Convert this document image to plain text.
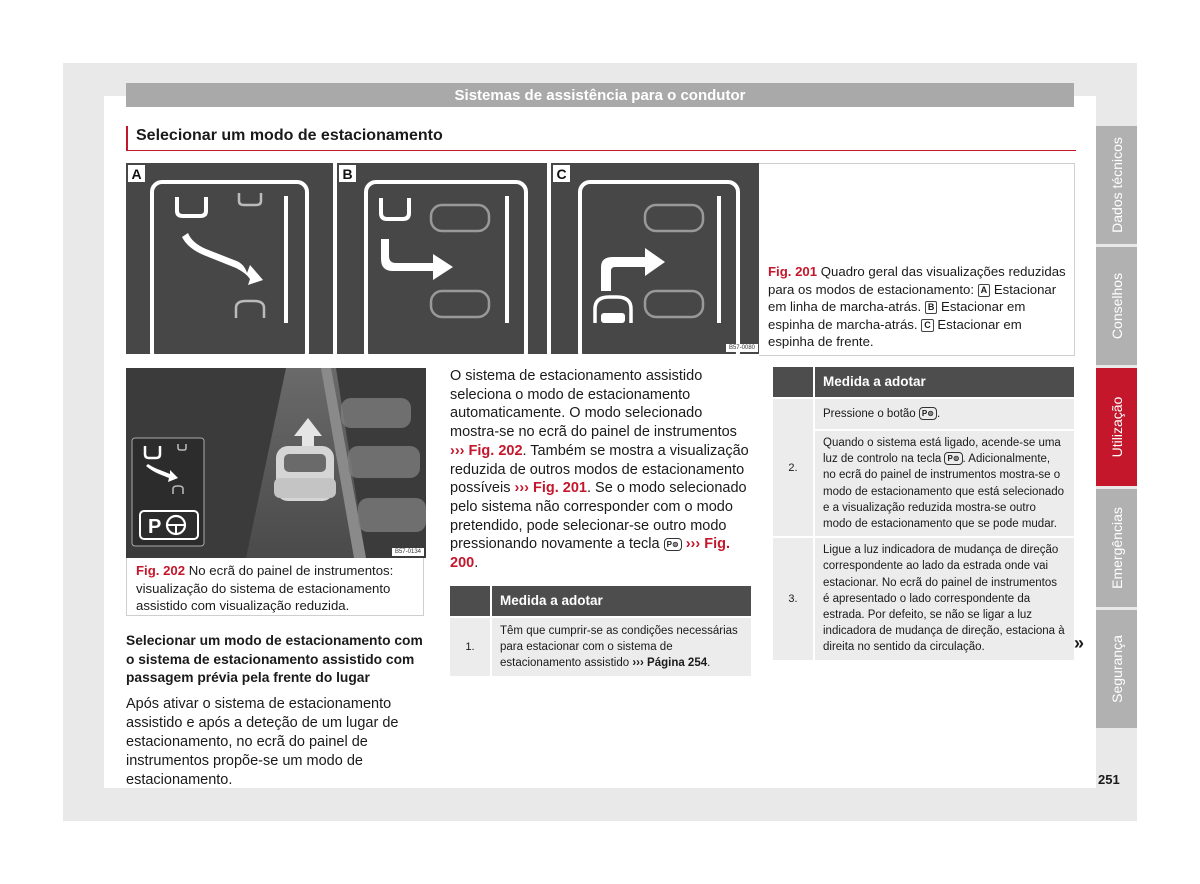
Sistemas de assistência para o condutor
Selecionar um modo de estacionamento
A	B	C
B57-0080
Fig. 201 Quadro geral das visualizações reduzidas para os modos de estacionamento: A Estacionar em linha de marcha-atrás. B Estacionar em espinha de marcha-atrás. C Estacionar em espinha de frente.
P
B57-0134
Fig. 202 No ecrã do painel de instrumentos: visualização do sistema de estacionamento assistido com visualização reduzida.
Selecionar um modo de estacionamento com o sistema de estacionamento assistido com passagem prévia pela frente do lugar
Após ativar o sistema de estacionamento assistido e após a deteção de um lugar de estacionamento, no ecrã do painel de instrumentos propõe-se um modo de estacionamento.
O sistema de estacionamento assistido seleciona o modo de estacionamento automaticamente. O modo selecionado mostra-se no ecrã do painel de instrumentos ››› Fig. 202. Também se mostra a visualização reduzida de outros modos de estacionamento possíveis ››› Fig. 201. Se o modo selecionado pelo sistema não corresponder com o modo pretendido, pode selecionar-se outro modo pressionando novamente a tecla P⊜ ››› Fig. 200.
	Medida a adotar
1.	Têm que cumprir-se as condições necessárias para estacionar com o sistema de estacionamento assistido ››› Página 254.
	Medida a adotar
2.	Pressione o botão P⊜ .
	Quando o sistema está ligado, acende-se uma luz de controlo na tecla P⊜ . Adicionalmente, no ecrã do painel de instrumentos mostra-se o modo de estacionamento que está selecionado e a visualização reduzida mostra-se outro modo de estacionamento que se pode mudar.
3.	Ligue a luz indicadora de mudança de direção correspondente ao lado da estrada onde vai estacionar. No ecrã do painel de instrumentos é apresentado o lado correspondente da estrada. Por defeito, se não se ligar a luz indicadora de mudança de direção, estaciona à direita no sentido da circulação.
Dados técnicos
Conselhos
Utilização
Emergências
Segurança
»
251
